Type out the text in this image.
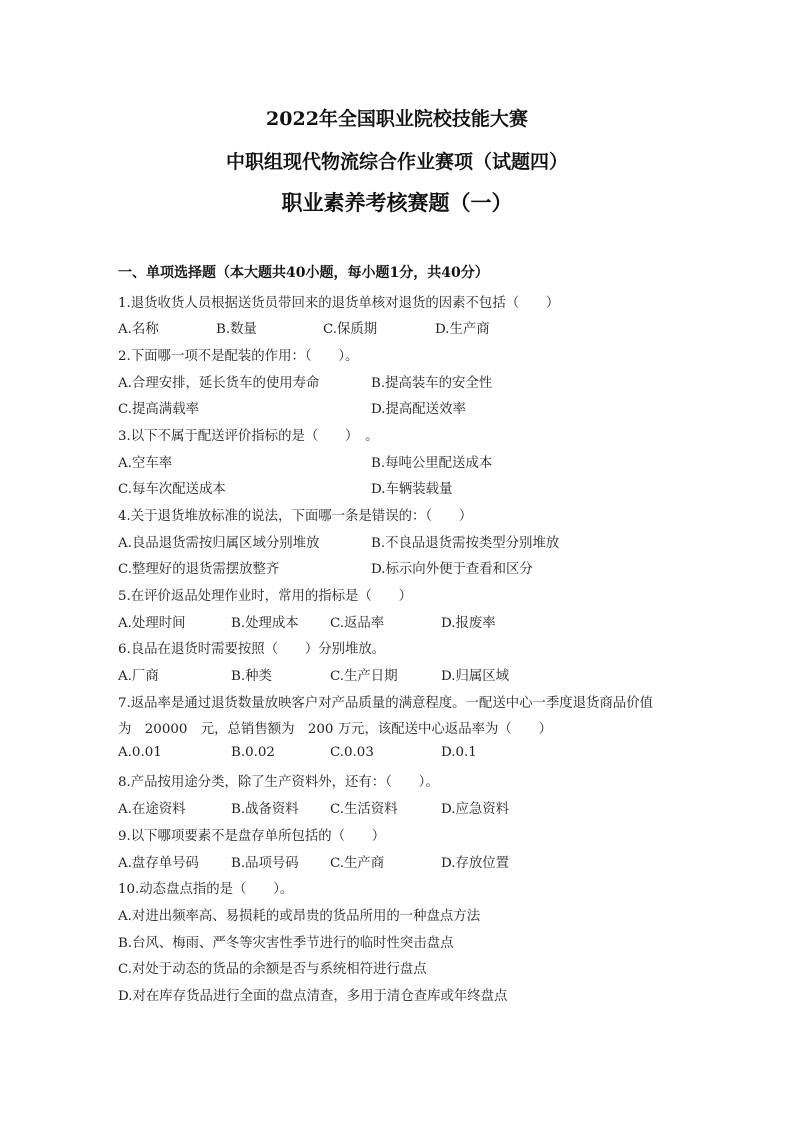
2022年全国职业院校技能大赛
中职组现代物流综合作业赛项（试题四）
职业素养考核赛题（一）
一、单项选择题（本大题共40小题，每小题1分，共40分）
1.退货收货人员根据送货员带回来的退货单核对退货的因素不包括（　　）
A.名称	B.数量	C.保质期	D.生产商
2.下面哪一项不是配装的作用：（　　）。
A.合理安排，延长货车的使用寿命	B.提高装车的安全性
C.提高满载率	D.提高配送效率
3.以下不属于配送评价指标的是（　　）　。
A.空车率	B.每吨公里配送成本
C.每车次配送成本	D.车辆装载量
4.关于退货堆放标准的说法，下面哪一条是错误的：（　　）
A.良品退货需按归属区域分别堆放	B.不良品退货需按类型分别堆放
C.整理好的退货需摆放整齐	D.标示向外便于查看和区分
5.在评价返品处理作业时，常用的指标是（　　）
A.处理时间	B.处理成本 C.返品率	D.报废率
6.良品在退货时需要按照（　　）分别堆放。
A.厂商	B.种类	C.生产日期	D.归属区域
7.返品率是通过退货数量放映客户对产品质量的满意程度。一配送中心一季度退货商品价值
为　20000　元，总销售额为　200 万元，该配送中心返品率为（　　）
A.0.01	B.0.02	C.0.03	D.0.1
8.产品按用途分类，除了生产资料外，还有：（　　）。
A.在途资料	B.战备资料 C.生活资料	D.应急资料
9.以下哪项要素不是盘存单所包括的（　　）
A.盘存单号码 B.品项号码 C.生产商	D.存放位置
10.动态盘点指的是（　　）。
A.对进出频率高、易损耗的或昂贵的货品所用的一种盘点方法
B.台风、梅雨、严冬等灾害性季节进行的临时性突击盘点
C.对处于动态的货品的余额是否与系统相符进行盘点
D.对在库存货品进行全面的盘点清查，多用于清仓查库或年终盘点
